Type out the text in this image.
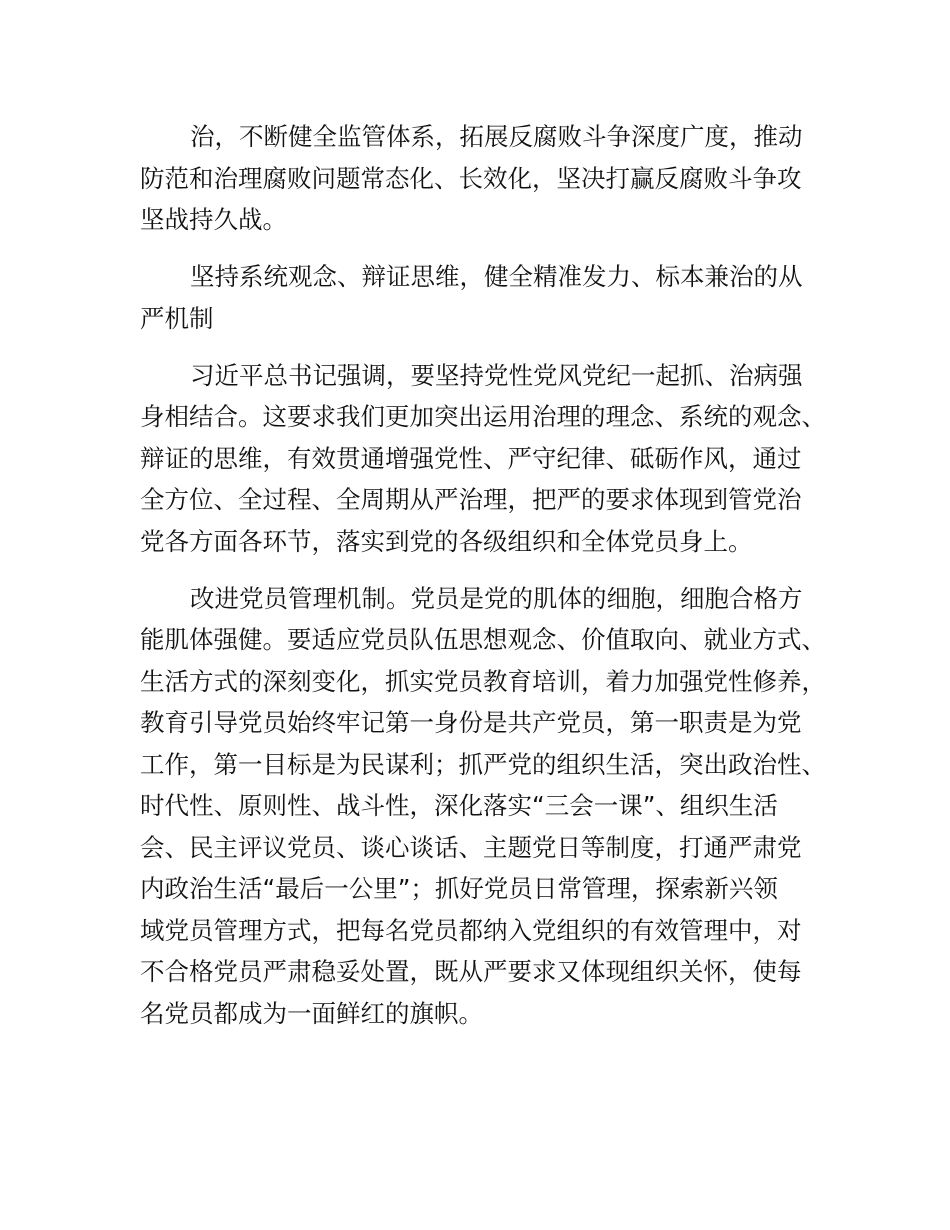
治，不断健全监管体系，拓展反腐败斗争深度广度，推动
防范和治理腐败问题常态化、长效化，坚决打赢反腐败斗争攻
坚战持久战。
坚持系统观念、辩证思维，健全精准发力、标本兼治的从
严机制
习近平总书记强调，要坚持党性党风党纪一起抓、治病强
身相结合。这要求我们更加突出运用治理的理念、系统的观念、
辩证的思维，有效贯通增强党性、严守纪律、砥砺作风，通过
全方位、全过程、全周期从严治理，把严的要求体现到管党治
党各方面各环节，落实到党的各级组织和全体党员身上。
改进党员管理机制。党员是党的肌体的细胞，细胞合格方
能肌体强健。要适应党员队伍思想观念、价值取向、就业方式、
生活方式的深刻变化，抓实党员教育培训，着力加强党性修养，
教育引导党员始终牢记第一身份是共产党员，第一职责是为党
工作，第一目标是为民谋利；抓严党的组织生活，突出政治性、
时代性、原则性、战斗性，深化落实“三会一课”、组织生活
会、民主评议党员、谈心谈话、主题党日等制度，打通严肃党
内政治生活“最后一公里”；抓好党员日常管理，探索新兴领
域党员管理方式，把每名党员都纳入党组织的有效管理中，对
不合格党员严肃稳妥处置，既从严要求又体现组织关怀，使每
名党员都成为一面鲜红的旗帜。
